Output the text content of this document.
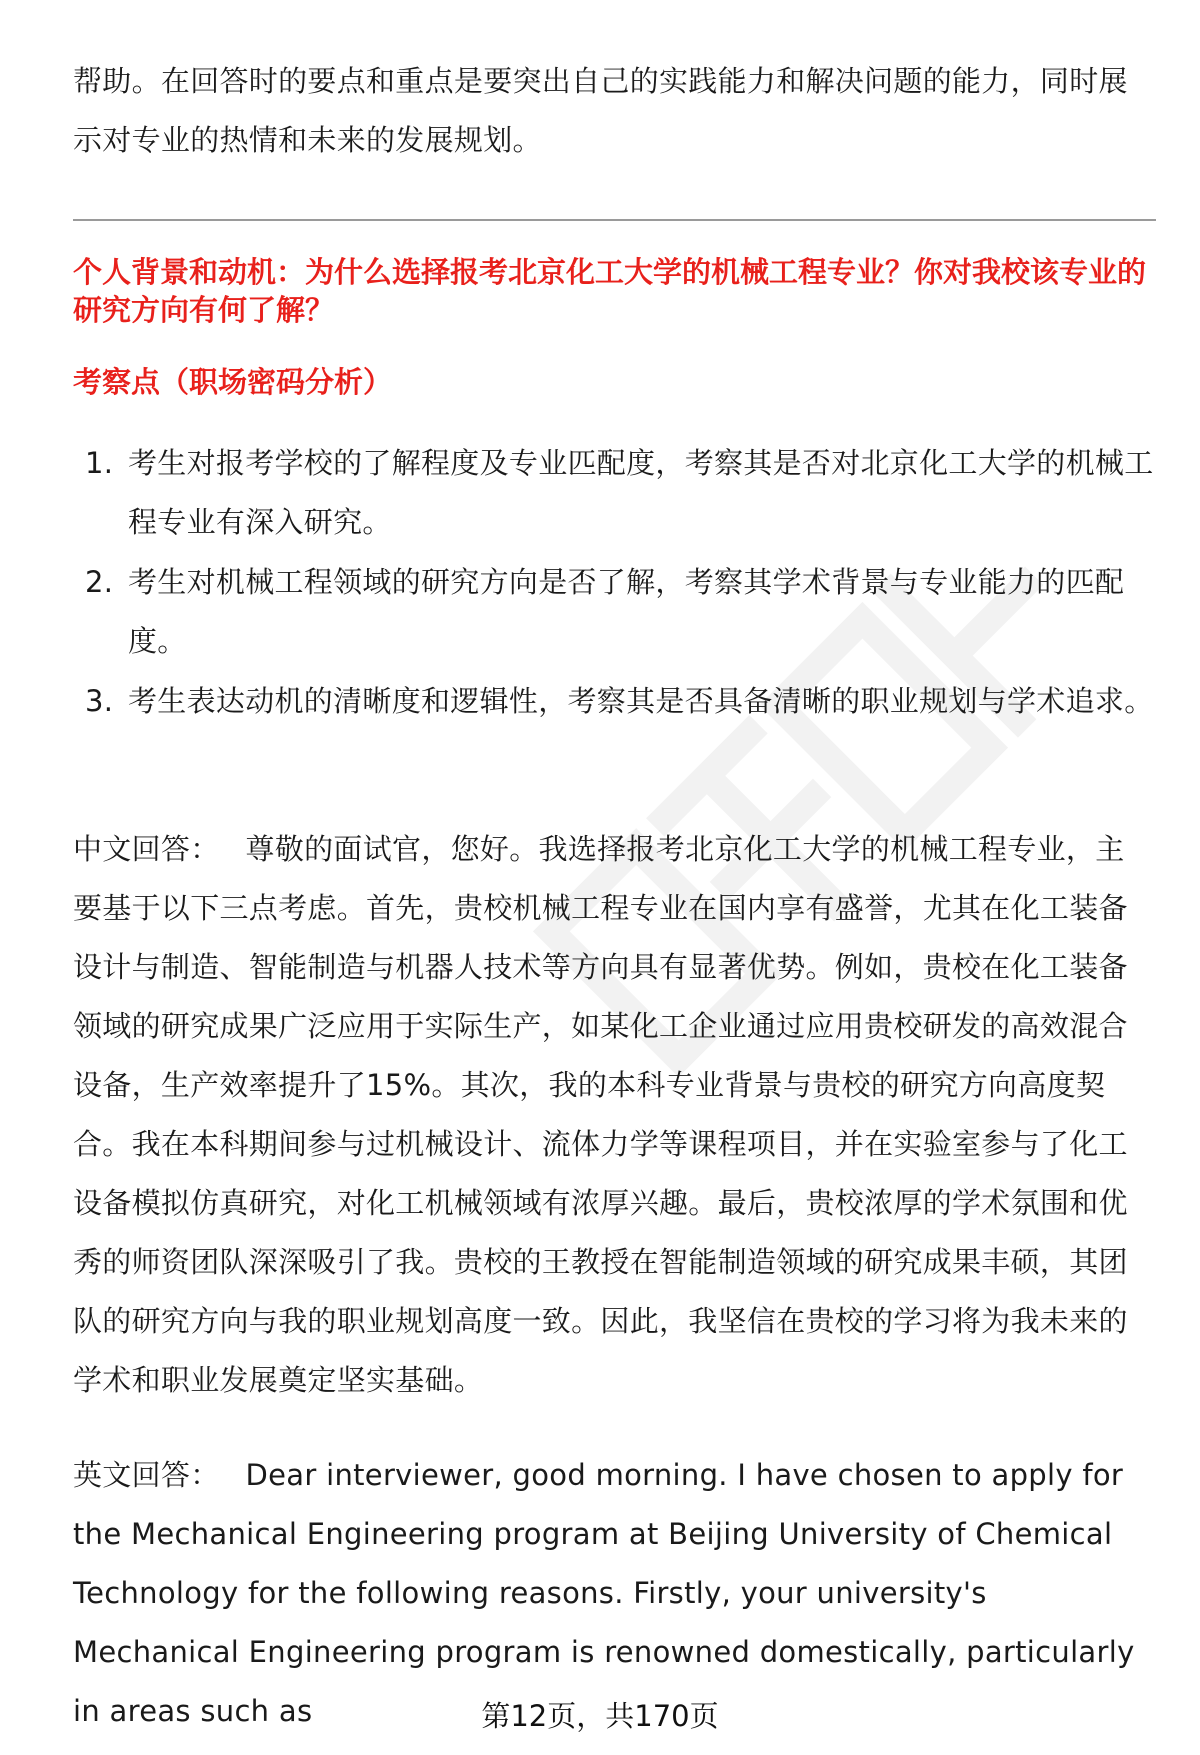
帮助。在回答时的要点和重点是要突出自己的实践能力和解决问题的能力，同时展示对专业的热情和未来的发展规划。

个人背景和动机：为什么选择报考北京化工大学的机械工程专业？你对我校该专业的研究方向有何了解？

考察点（职场密码分析）

1. 考生对报考学校的了解程度及专业匹配度，考察其是否对北京化工大学的机械工程专业有深入研究。
2. 考生对机械工程领域的研究方向是否了解，考察其学术背景与专业能力的匹配度。
3. 考生表达动机的清晰度和逻辑性，考察其是否具备清晰的职业规划与学术追求。

中文回答： 尊敬的面试官，您好。我选择报考北京化工大学的机械工程专业，主要基于以下三点考虑。首先，贵校机械工程专业在国内享有盛誉，尤其在化工装备设计与制造、智能制造与机器人技术等方向具有显著优势。例如，贵校在化工装备领域的研究成果广泛应用于实际生产，如某化工企业通过应用贵校研发的高效混合设备，生产效率提升了15%。其次，我的本科专业背景与贵校的研究方向高度契合。我在本科期间参与过机械设计、流体力学等课程项目，并在实验室参与了化工设备模拟仿真研究，对化工机械领域有浓厚兴趣。最后，贵校浓厚的学术氛围和优秀的师资团队深深吸引了我。贵校的王教授在智能制造领域的研究成果丰硕，其团队的研究方向与我的职业规划高度一致。因此，我坚信在贵校的学习将为我未来的学术和职业发展奠定坚实基础。

英文回答： Dear interviewer, good morning. I have chosen to apply for the Mechanical Engineering program at Beijing University of Chemical Technology for the following reasons. Firstly, your university's Mechanical Engineering program is renowned domestically, particularly in areas such as	第12页，共170页
